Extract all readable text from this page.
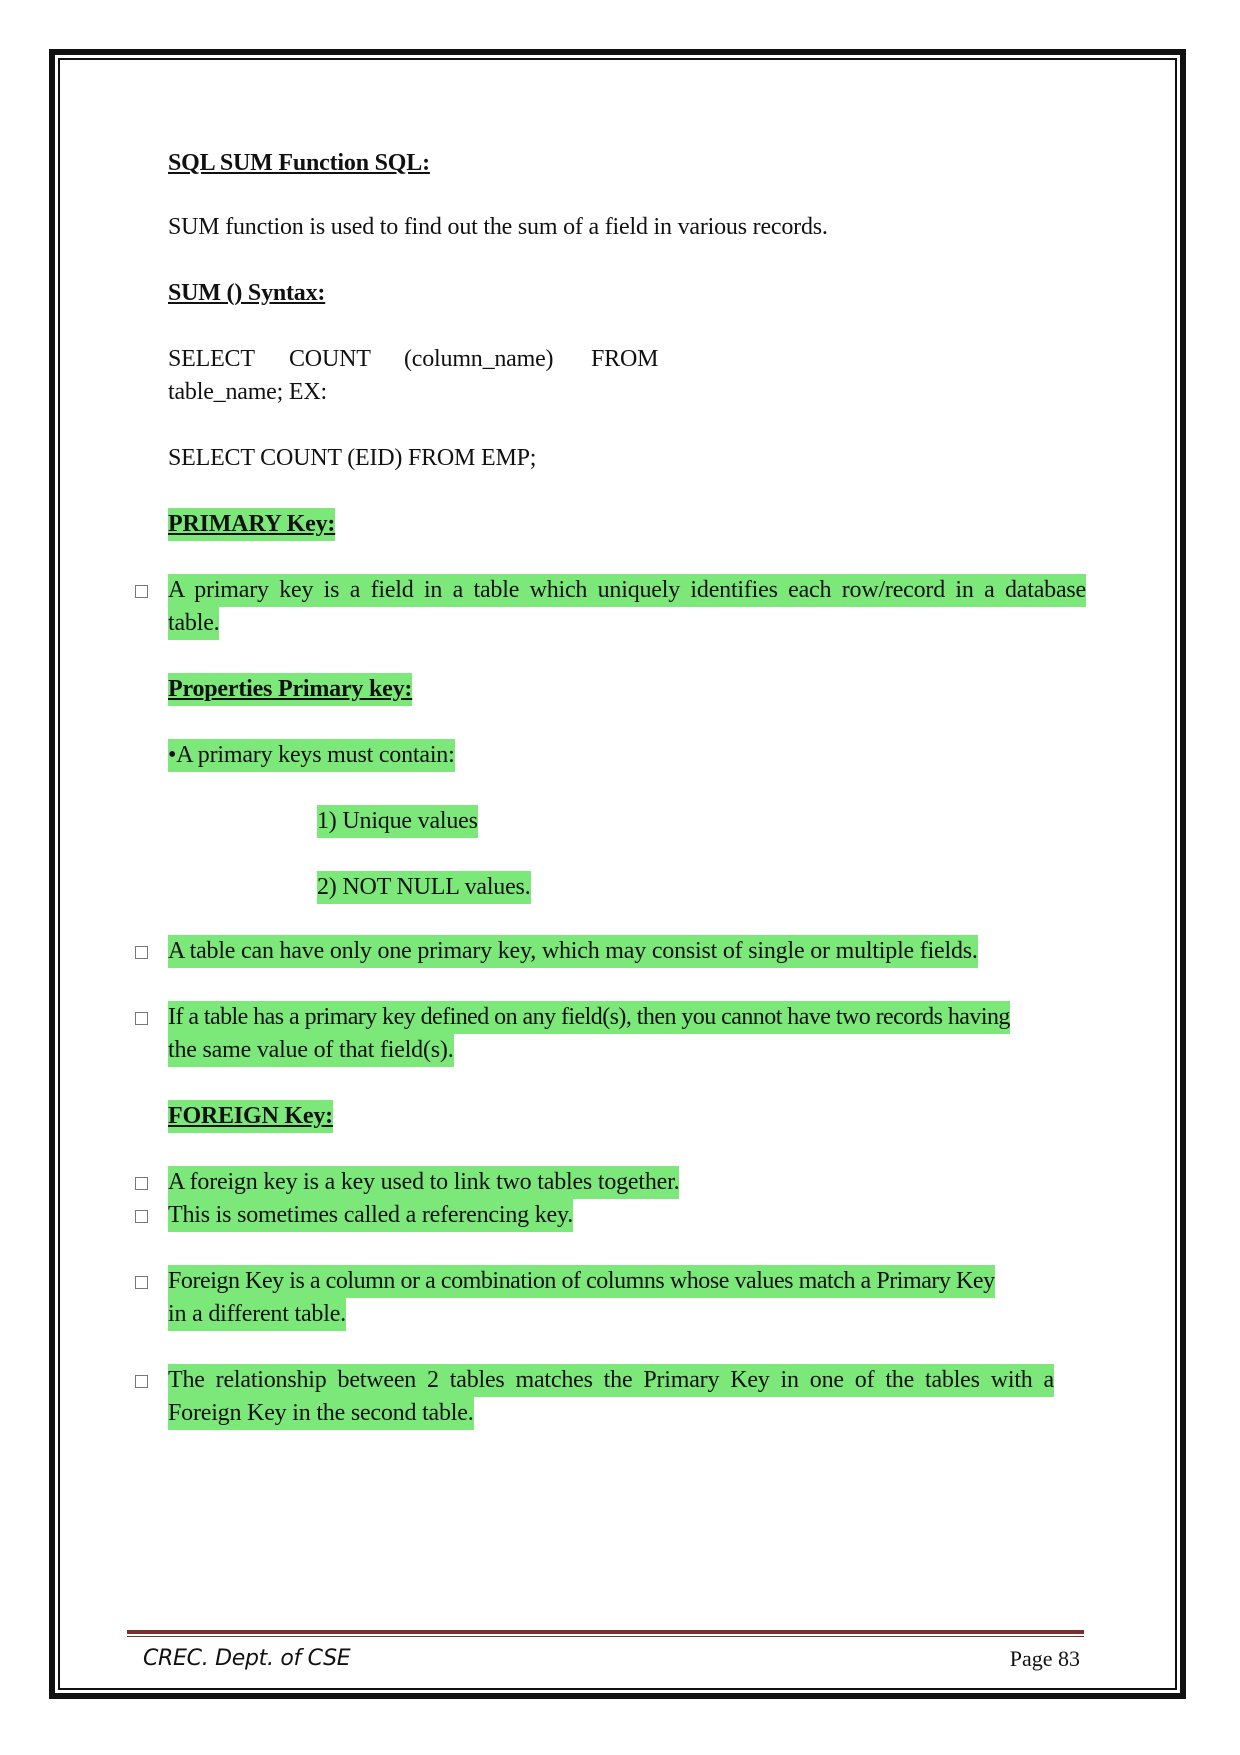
SQL SUM Function SQL:
SUM function is used to find out the sum of a field in various records.
SUM () Syntax:
SELECT COUNT (column_name) FROM
table_name; EX:
SELECT COUNT (EID) FROM EMP;
PRIMARY Key:
A primary key is a field in a table which uniquely identifies each row/record in a database
table.
Properties Primary key:
•A primary keys must contain:
1) Unique values
2) NOT NULL values.
A table can have only one primary key, which may consist of single or multiple fields.
If a table has a primary key defined on any field(s), then you cannot have two records having
the same value of that field(s).
FOREIGN Key:
A foreign key is a key used to link two tables together.
This is sometimes called a referencing key.
Foreign Key is a column or a combination of columns whose values match a Primary Key
in a different table.
The relationship between 2 tables matches the Primary Key in one of the tables with a
Foreign Key in the second table.
CREC. Dept. of CSE	Page 83
